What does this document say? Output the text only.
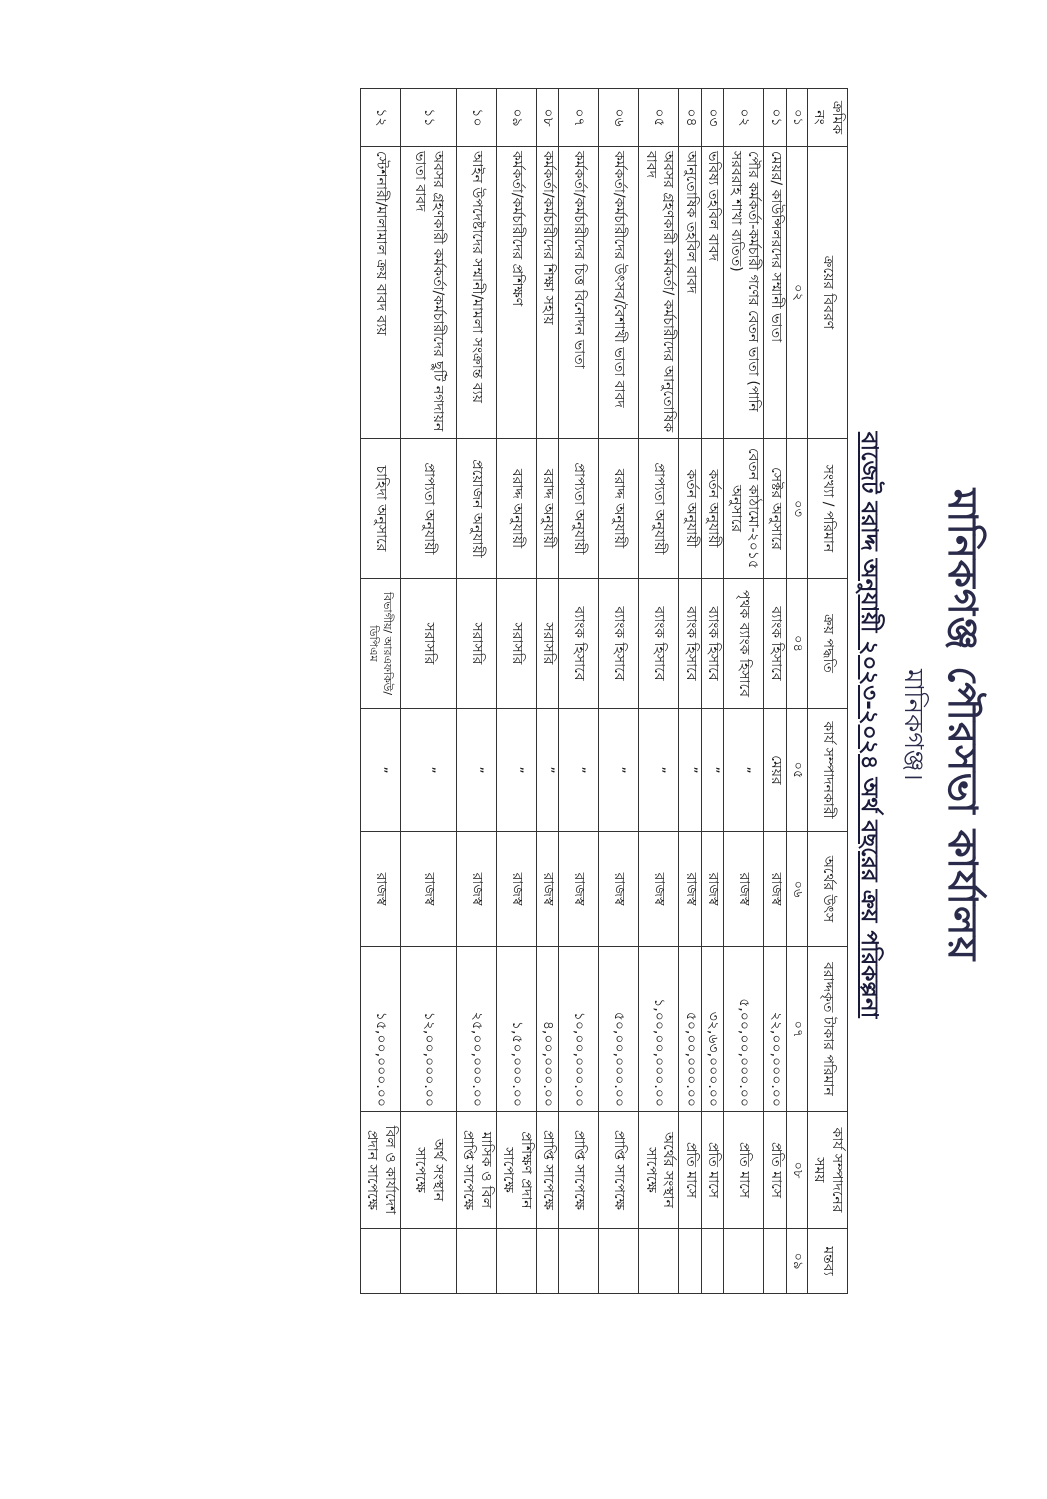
মানিকগঞ্জ পৌরসভা কার্যালয়
মানিকগঞ্জ।
বাজেট বরাদ্দ অনুযায়ী ২০২৩-২০২৪ অর্থ বছরের ক্রয় পরিকল্পনা
ক্রমিক নং	ক্রয়ের বিবরণ	সংখ্যা / পরিমান	ক্রয় পদ্ধতি	কার্য সম্পাদনকারী	অর্থের উৎস	বরাদ্দকৃত টাকার পরিমান	কার্য সম্পাদনের সময়	মন্তব্য
০১	০২	০৩	০৪	০৫	০৬	০৭	০৮	০৯
০১	মেয়র/ কাউন্সিলরদের সম্মানী ভাতা	সেক্টর অনুসারে	ব্যাংক হিসাবে	মেয়র	রাজস্ব	২২,০০,০০০.০০	প্রতি মাসে	
০২	পৌর কর্মকর্তা-কর্মচারী গণের বেতন ভাতা (পানি সরবরাহ শাখা ব্যতিত)	বেতন কাঠামো-২০১৫ অনুসারে	পৃথক ব্যাংক হিসাবে	”	রাজস্ব	৫,০০,০০,০০০.০০	প্রতি মাসে	
০৩	ভবিষ্য তহবিল বাবদ	কর্তন অনুযায়ী	ব্যাংক হিসাবে	”	রাজস্ব	৩২,৬৩,০০০.০০	প্রতি মাসে	
০৪	আনুতোষিক তহবিল বাবদ	কর্তন অনুযায়ী	ব্যাংক হিসাবে	”	রাজস্ব	৫০,০০,০০০.০০	প্রতি মাসে	
০৫	অবসর গ্রহণকারী কর্মকর্তা/ কর্মচারীদের আনুতোষিক বাবদ	প্রাপ্যতা অনুযায়ী	ব্যাংক হিসাবে	”	রাজস্ব	১,০০,০০,০০০.০০	অর্থের সংস্থান সাপেক্ষে	
০৬	কর্মকর্তা/কর্মচারীদের উৎসব/বৈশাখী ভাতা বাবদ	বরাদ্দ অনুযায়ী	ব্যাংক হিসাবে	”	রাজস্ব	৫০,০০,০০০.০০	প্রাপ্তি সাপেক্ষে	
০৭	কর্মকর্তা/কর্মচারীদের চিত্ত বিনোদন ভাতা	প্রাপ্যতা অনুযায়ী	ব্যাংক হিসাবে	”	রাজস্ব	১০,০০,০০০.০০	প্রাপ্তি সাপেক্ষে	
০৮	কর্মকর্তা/কর্মচারীদের শিক্ষা সহায়	বরাদ্দ অনুযায়ী	সরাসরি	”	রাজস্ব	৪,০০,০০০.০০	প্রাপ্তি সাপেক্ষে	
০৯	কর্মকর্তা/কর্মচারীদের প্রশিক্ষণ	বরাদ্দ অনুযায়ী	সরাসরি	”	রাজস্ব	১,৫০,০০০.০০	প্রশিক্ষণ প্রদান সাপেক্ষে	
১০	আইন উপদেষ্টাদের সম্মানী/মামলা সংক্রান্ত ব্যয়	প্রয়োজন অনুযায়ী	সরাসরি	”	রাজস্ব	২৫,০০,০০০.০০	মাসিক ও বিল প্রাপ্তি সাপেক্ষে	
১১	অবসর গ্রহণকারী কর্মকর্তা/কর্মচারীদের ছুটি নগদায়ন ভাতা বাবদ	প্রাপ্যতা অনুযায়ী	সরাসরি	”	রাজস্ব	১২,০০,০০০.০০	অর্থ সংস্থান সাপেক্ষে	
১২	স্টেশনারী/মালামাল ক্রয় বাবদ ব্যয়	চাহিদা অনুসারে	বিভাগীয়/ আরএফকিউ/ ডিপিএম	”	রাজস্ব	১৫,০০,০০০.০০	বিল ও কার্যাদেশ প্রদান সাপেক্ষে	
